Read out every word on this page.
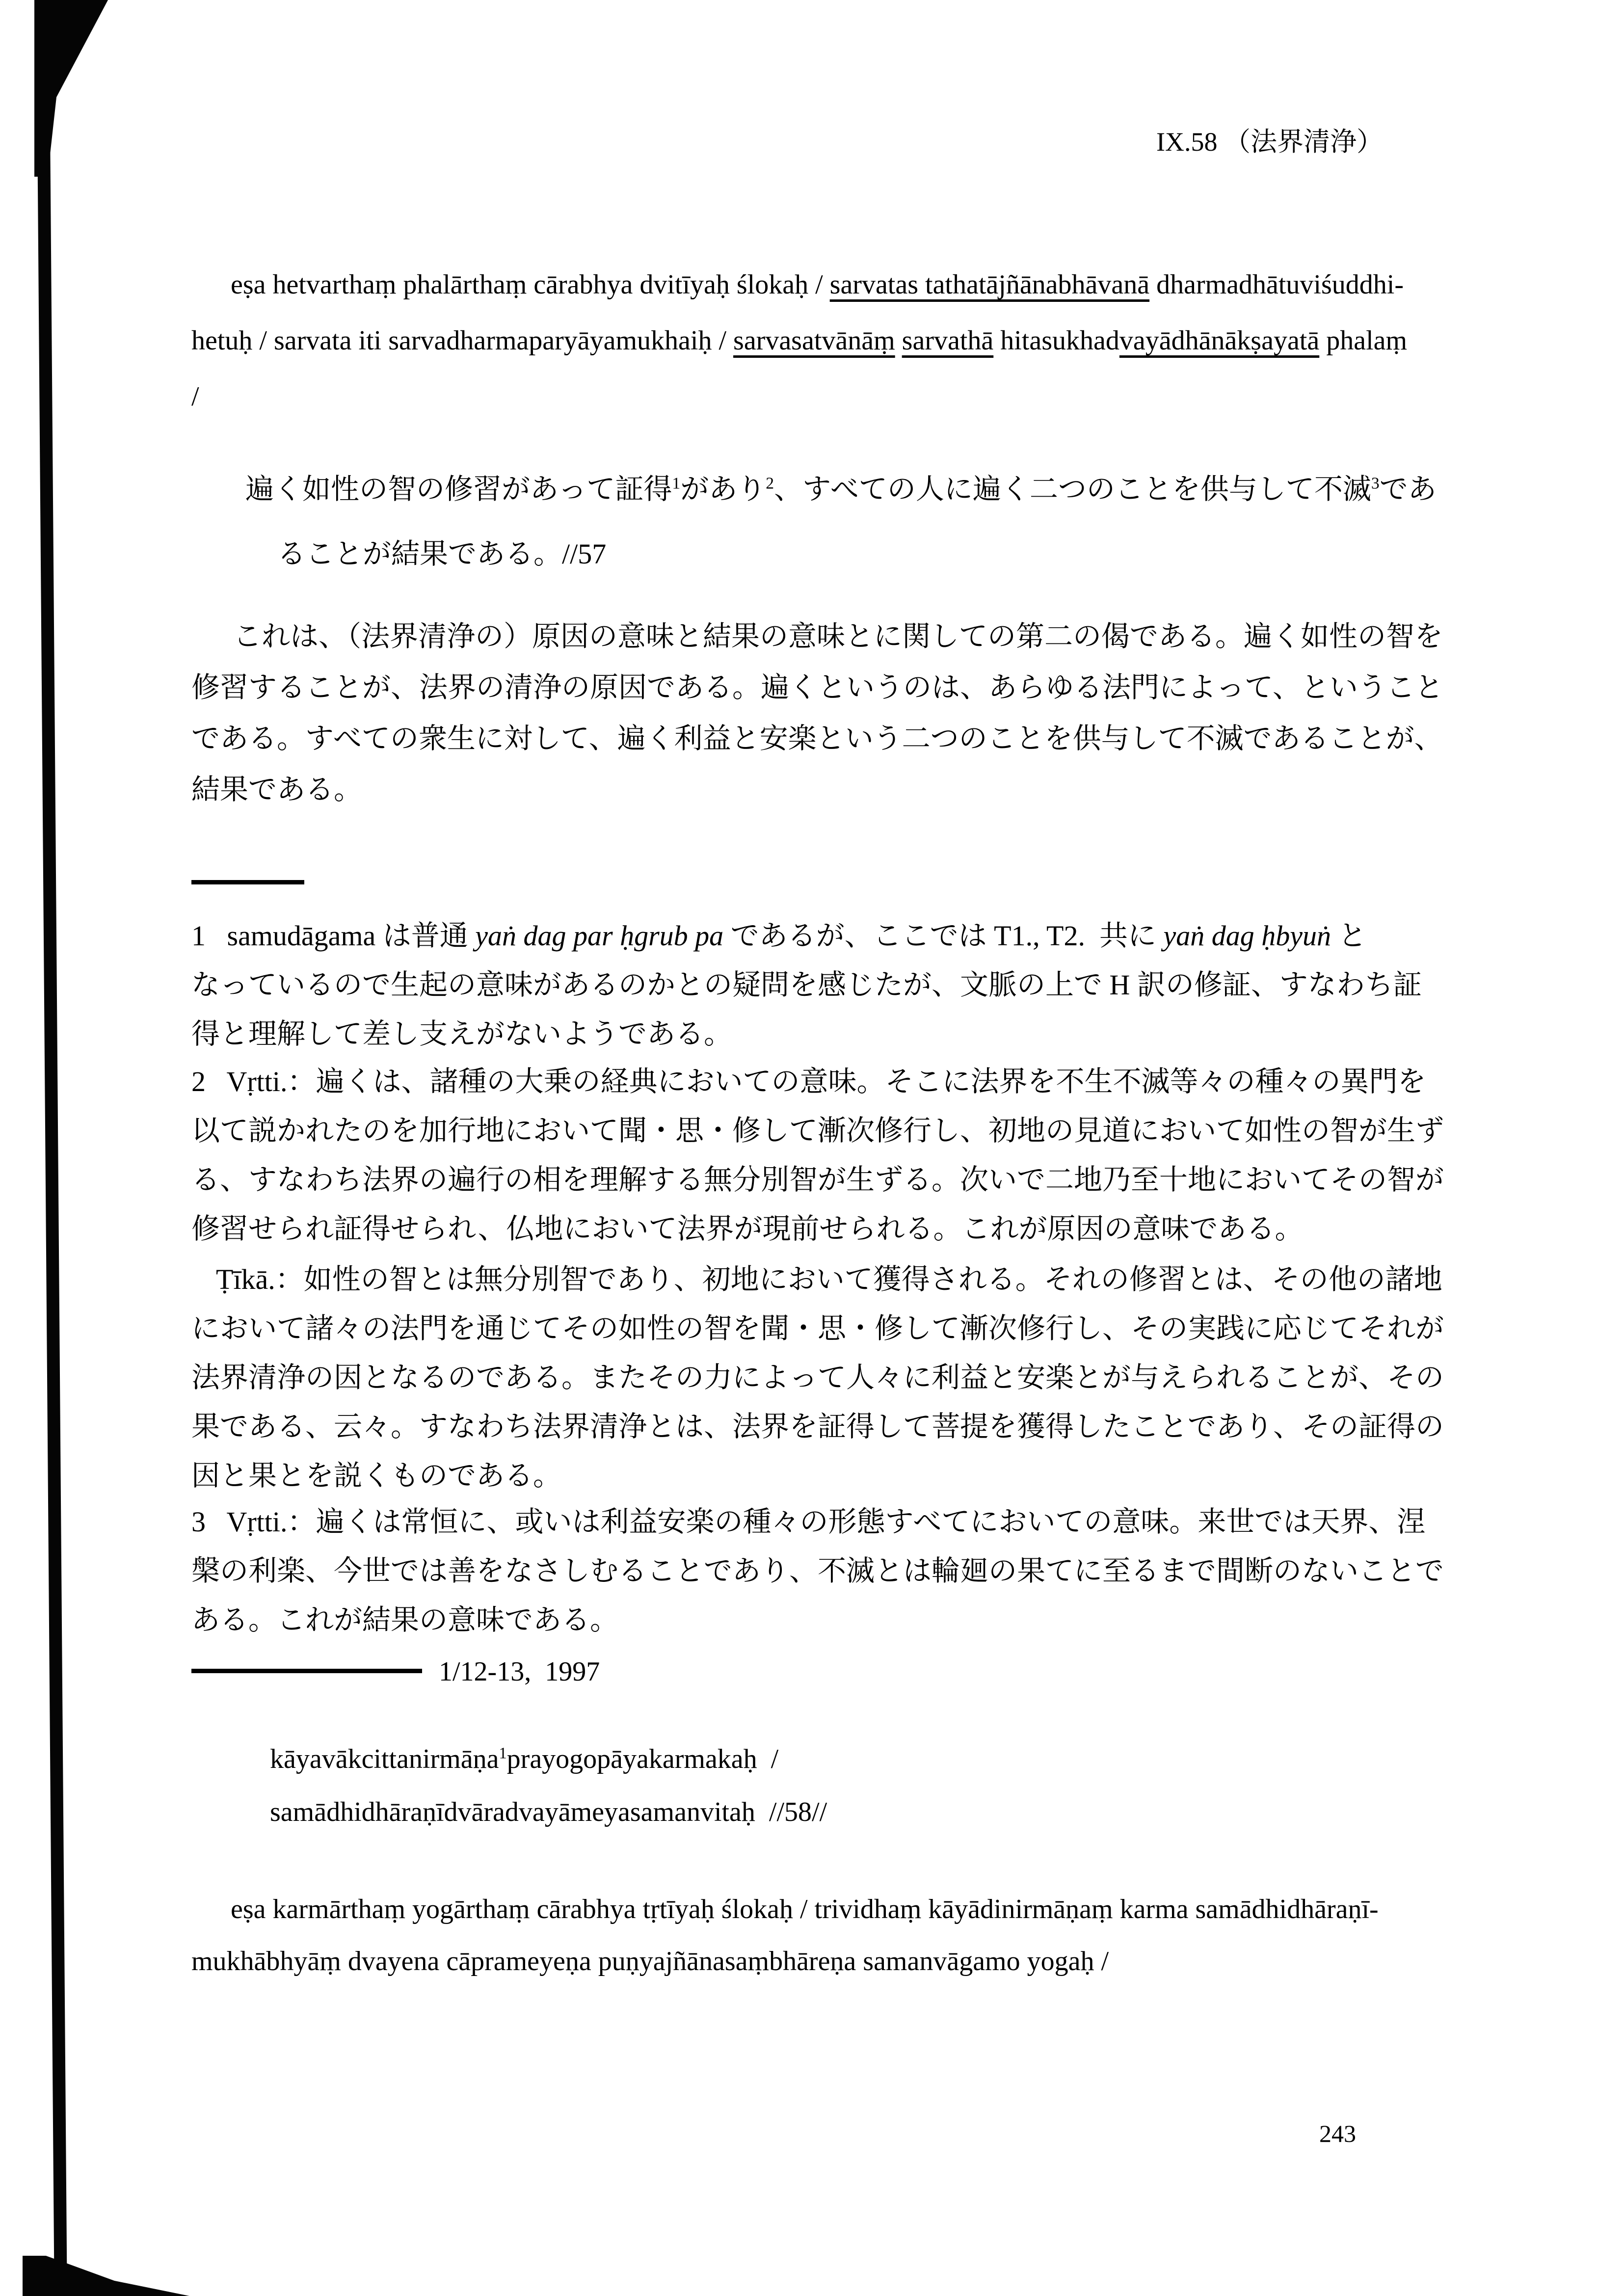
IX.58 （法界清浄）
eṣa hetvarthaṃ phalārthaṃ cārabhya dvitīyaḥ ślokaḥ / sarvatas tathatājñānabhāvanā dharmadhātuviśuddhi-
hetuḥ / sarvata iti sarvadharmaparyāyamukhaiḥ / sarvasatvānāṃ sarvathā hitasukhadvayādhānākṣayatā phalaṃ
/
遍く如性の智の修習があって証得$^1$があり$^2$、すべての人に遍く二つのことを供与して不滅$^3$であ
ることが結果である。//57
これは、（法界清浄の）原因の意味と結果の意味とに関しての第二の偈である。遍く如性の智を
修習することが、法界の清浄の原因である。遍くというのは、あらゆる法門によって、ということ
である。すべての衆生に対して、遍く利益と安楽という二つのことを供与して不滅であることが、
結果である。
1   samudāgama は普通 yaṅ dag par ḥgrub pa であるが、ここでは T1., T2.  共に yaṅ dag ḥbyuṅ と
なっているので生起の意味があるのかとの疑問を感じたが、文脈の上で H 訳の修証、すなわち証
得と理解して差し支えがないようである。
2   Vṛtti.：遍くは、諸種の大乗の経典においての意味。そこに法界を不生不滅等々の種々の異門を
以て説かれたのを加行地において聞・思・修して漸次修行し、初地の見道において如性の智が生ず
る、すなわち法界の遍行の相を理解する無分別智が生ずる。次いで二地乃至十地においてその智が
修習せられ証得せられ、仏地において法界が現前せられる。これが原因の意味である。
Ṭīkā.：如性の智とは無分別智であり、初地において獲得される。それの修習とは、その他の諸地
において諸々の法門を通じてその如性の智を聞・思・修して漸次修行し、その実践に応じてそれが
法界清浄の因となるのである。またその力によって人々に利益と安楽とが与えられることが、その
果である、云々。すなわち法界清浄とは、法界を証得して菩提を獲得したことであり、その証得の
因と果とを説くものである。
3   Vṛtti.：遍くは常恒に、或いは利益安楽の種々の形態すべてにおいての意味。来世では天界、涅
槃の利楽、今世では善をなさしむることであり、不滅とは輪廻の果てに至るまで間断のないことで
ある。これが結果の意味である。
1/12-13,  1997
kāyavākcittanirmāṇa$^1$prayogopāyakarmakaḥ  /
samādhidhāraṇīdvāradvayāmeyasamanvitaḥ  //58//
eṣa karmārthaṃ yogārthaṃ cārabhya tṛtīyaḥ ślokaḥ / trividhaṃ kāyādinirmāṇaṃ karma samādhidhāraṇī-
mukhābhyāṃ dvayena cāprameyeṇa puṇyajñānasaṃbhāreṇa samanvāgamo yogaḥ /
243
